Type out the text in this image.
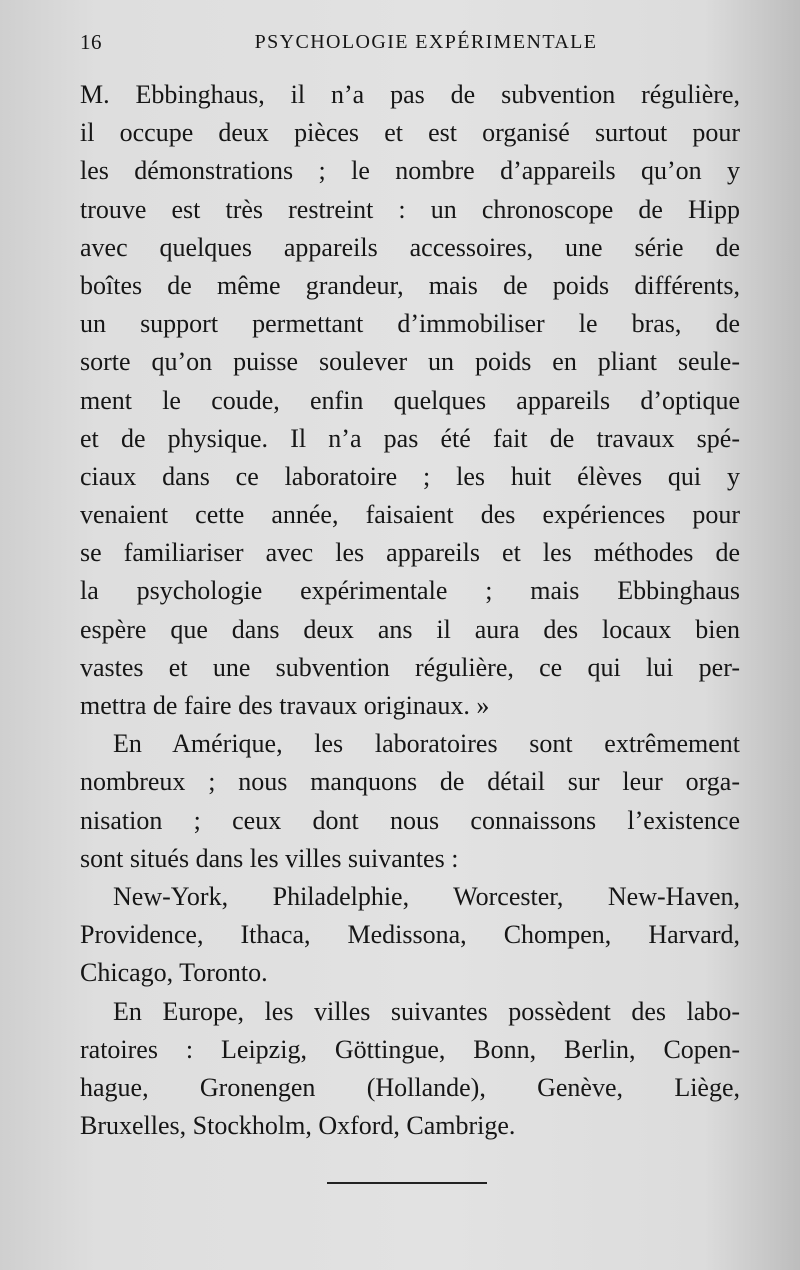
16	PSYCHOLOGIE EXPÉRIMENTALE
M. Ebbinghaus, il n’a pas de subvention régulière,
il occupe deux pièces et est organisé surtout pour
les démonstrations ; le nombre d’appareils qu’on y
trouve est très restreint : un chronoscope de Hipp
avec quelques appareils accessoires, une série de
boîtes de même grandeur, mais de poids différents,
un support permettant d’immobiliser le bras, de
sorte qu’on puisse soulever un poids en pliant seule-
ment le coude, enfin quelques appareils d’optique
et de physique. Il n’a pas été fait de travaux spé-
ciaux dans ce laboratoire ; les huit élèves qui y
venaient cette année, faisaient des expériences pour
se familiariser avec les appareils et les méthodes de
la psychologie expérimentale ; mais Ebbinghaus
espère que dans deux ans il aura des locaux bien
vastes et une subvention régulière, ce qui lui per-
mettra de faire des travaux originaux. »
En Amérique, les laboratoires sont extrêmement
nombreux ; nous manquons de détail sur leur orga-
nisation ; ceux dont nous connaissons l’existence
sont situés dans les villes suivantes :
New-York, Philadelphie, Worcester, New-Haven,
Providence, Ithaca, Medissona, Chompen, Harvard,
Chicago, Toronto.
En Europe, les villes suivantes possèdent des labo-
ratoires : Leipzig, Göttingue, Bonn, Berlin, Copen-
hague, Gronengen (Hollande), Genève, Liège,
Bruxelles, Stockholm, Oxford, Cambrige.
